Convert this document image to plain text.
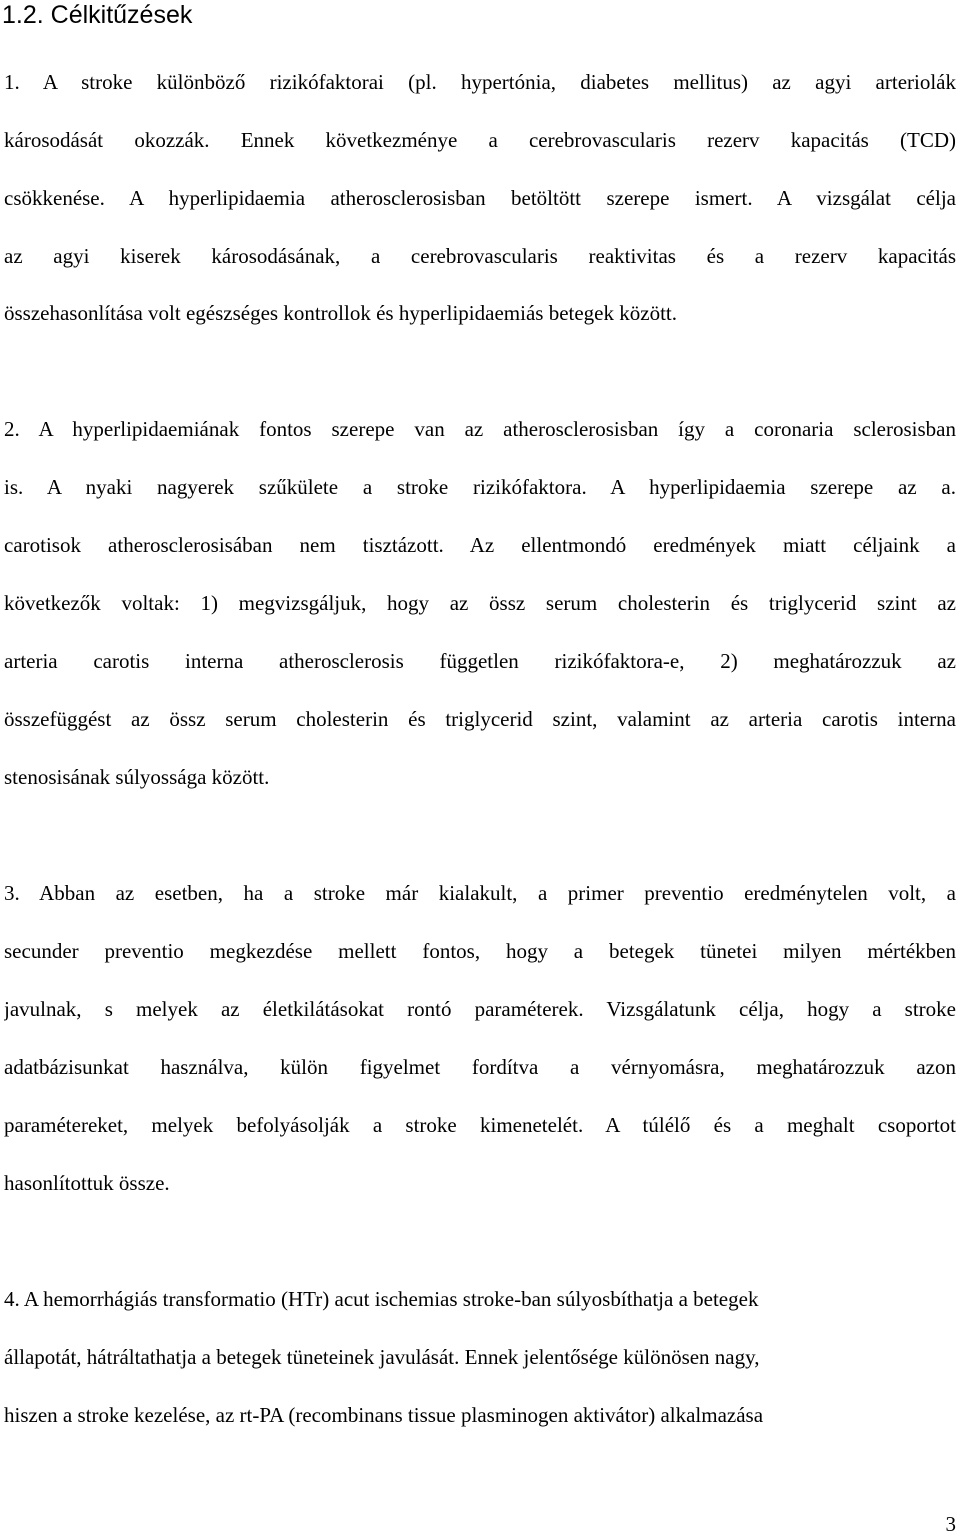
1.2. Célkitűzések
1. A stroke különböző rizikófaktorai (pl. hypertónia, diabetes mellitus) az agyi arteriolák
károsodását okozzák. Ennek következménye a cerebrovascularis rezerv kapacitás (TCD)
csökkenése. A hyperlipidaemia atherosclerosisban betöltött szerepe ismert. A vizsgálat célja
az agyi kiserek károsodásának, a cerebrovascularis reaktivitas és a rezerv kapacitás
összehasonlítása volt egészséges kontrollok és hyperlipidaemiás betegek között.
2. A hyperlipidaemiának fontos szerepe van az atherosclerosisban így a coronaria sclerosisban
is. A nyaki nagyerek szűkülete a stroke rizikófaktora. A hyperlipidaemia szerepe az a.
carotisok atherosclerosisában nem tisztázott. Az ellentmondó eredmények miatt céljaink a
következők voltak: 1) megvizsgáljuk, hogy az össz serum cholesterin és triglycerid szint az
arteria carotis interna atherosclerosis független rizikófaktora-e, 2) meghatározzuk az
összefüggést az össz serum cholesterin és triglycerid szint, valamint az arteria carotis interna
stenosisának súlyossága között.
3. Abban az esetben, ha a stroke már kialakult, a primer preventio eredménytelen volt, a
secunder preventio megkezdése mellett fontos, hogy a betegek tünetei milyen mértékben
javulnak, s melyek az életkilátásokat rontó paraméterek. Vizsgálatunk célja, hogy a stroke
adatbázisunkat használva, külön figyelmet fordítva a vérnyomásra, meghatározzuk azon
paramétereket, melyek befolyásolják a stroke kimenetelét. A túlélő és a meghalt csoportot
hasonlítottuk össze.
4. A hemorrhágiás transformatio (HTr) acut ischemias stroke-ban súlyosbíthatja a betegek
állapotát, hátráltathatja a betegek tüneteinek javulását. Ennek jelentősége különösen nagy,
hiszen a stroke kezelése, az rt-PA (recombinans tissue plasminogen aktivátor) alkalmazása
3
